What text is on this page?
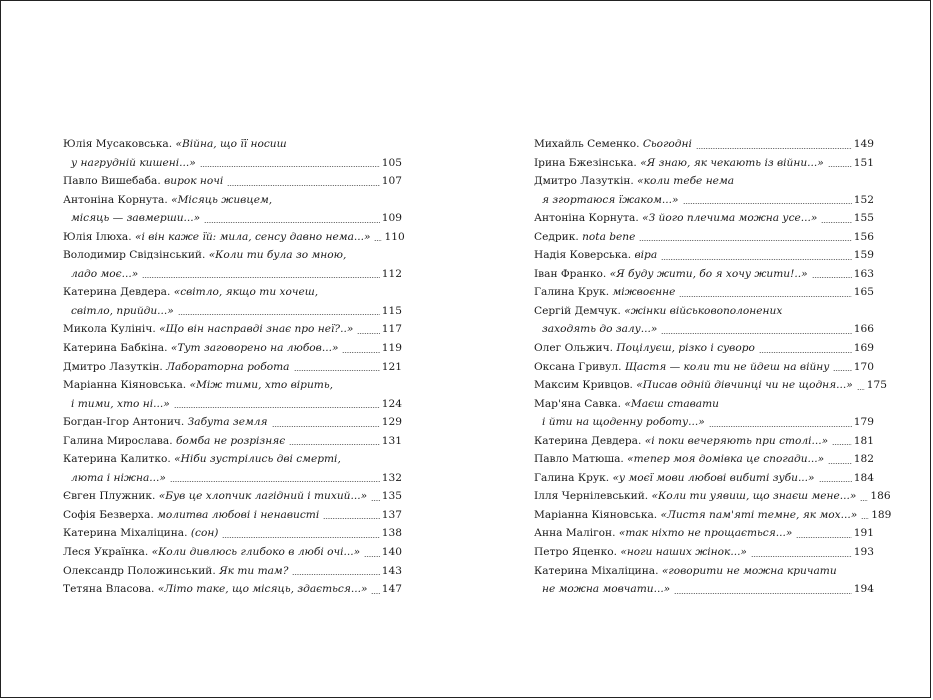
Юлія Мусаковська.
«Війна, що її носиш
у нагрудній кишені...»	105
Павло Вишебаба.
вирок ночі	107
Антоніна Корнута.
«Місяць живцем,
місяць — завмерши...»	109
Юлія Ілюха.
«і він каже їй: мила, сенсу давно нема...» 110
Володимир Свідзінський.
«Коли ти була зо мною,
ладо моє...»	112
Катерина Девдера.
«світло, якщо ти хочеш,
світло, прийди...»	115
Микола Кулініч.
«Що він насправді знає про неї?..»	117
Катерина Бабкіна.
«Тут заговорено на любов...»	119
Дмитро Лазуткін.
Лабораторна робота	121
Маріанна Кіяновська.
«Між тими, хто вірить,
і тими, хто ні...»	124
Богдан-Ігор Антонич.
Забута земля	129
Галина Мирослава.
бомба не розрізняє	131
Катерина Калитко.
«Ніби зустрілись дві смерті,
люта і ніжна...»	132
Євген Плужник.
«Був це хлопчик лагідний і тихий...» 135
Софія Безверха.
молитва любові і ненависті	137
Катерина Міхаліцина.
(сон)	138
Леся Українка.
«Коли дивлюсь глибоко в любі очі...» 140
Олександр Положинський.
Як ти там?	143
Тетяна Власова.
«Літо таке, що місяць, здається...» 147
Михайль Семенко.
Сьогодні	149
Ірина Бжезінська.
«Я знаю, як чекають із війни...»	151
Дмитро Лазуткін.
«коли тебе нема
я згортаюся їжаком...»	152
Антоніна Корнута.
«З його плечима можна усе...»	155
Седрик.
nota bene	156
Надія Коверська.
віра	159
Іван Франко.
«Я буду жити, бо я хочу жити!..»	163
Галина Крук.
міжвоєнне	165
Сергій Демчук.
«жінки військовополонених
заходять до залу...»	166
Олег Ольжич.
Поцілуєш, різко і суворо	169
Оксана Гривул.
Щастя — коли ти не йдеш на війну 170
Максим Кривцов.
«Писав одній дівчинці чи не щодня...» 175
Мар'яна Савка.
«Маєш ставати
і йти на щоденну роботу...»	179
Катерина Девдера.
«і поки вечеряють при столі...» 181
Павло Матюша.
«тепер моя домівка це спогади...»	182
Галина Крук.
«у моєї мови любові вибиті зуби...»	184
Ілля Чернілевський.
«Коли ти уявиш, що знаєш мене...» 186
Маріанна Кіяновська.
«Листя пам'яті темне, як мох...» 189
Анна Малігон.
«так ніхто не прощається...»	191
Петро Яценко.
«ноги наших жінок...»	193
Катерина Міхаліцина.
«говорити не можна кричати
не можна мовчати...»	194
